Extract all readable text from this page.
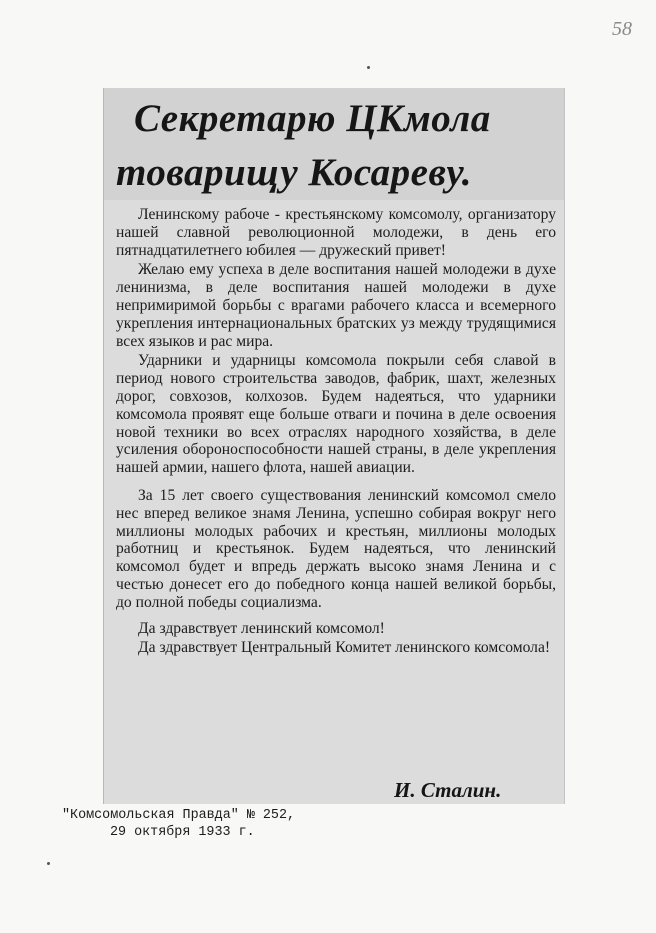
58
Секретарю ЦКмола
товарищу Косареву.

Ленинскому рабоче - крестьянскому комсомолу, организатору нашей славной революционной молодежи, в день его пятнадцатилетнего юбилея — дружеский привет!

Желаю ему успеха в деле воспитания нашей молодежи в духе ленинизма, в деле воспитания нашей молодежи в духе непримиримой борьбы с врагами рабочего класса и всемерного укрепления интернациональных братских уз между трудящимися всех языков и рас мира.

Ударники и ударницы комсомола покрыли себя славой в период нового строительства заводов, фабрик, шахт, железных дорог, совхозов, колхозов. Будем надеяться, что ударники комсомола проявят еще больше отваги и почина в деле освоения новой техники во всех отраслях народного хозяйства, в деле усиления обороноспособности нашей страны, в деле укрепления нашей армии, нашего флота, нашей авиации.

За 15 лет своего существования ленинский комсомол смело нес вперед великое знамя Ленина, успешно собирая вокруг него миллионы молодых рабочих и крестьян, миллионы молодых работниц и крестьянок. Будем надеяться, что ленинский комсомол будет и впредь держать высоко знамя Ленина и с честью донесет его до победного конца нашей великой борьбы, до полной победы социализма.

Да здравствует ленинский комсомол!

Да здравствует Центральный Комитет ленинского комсомола!

И. Сталин.
"Комсомольская Правда" № 252,
29 октября 1933 г.
